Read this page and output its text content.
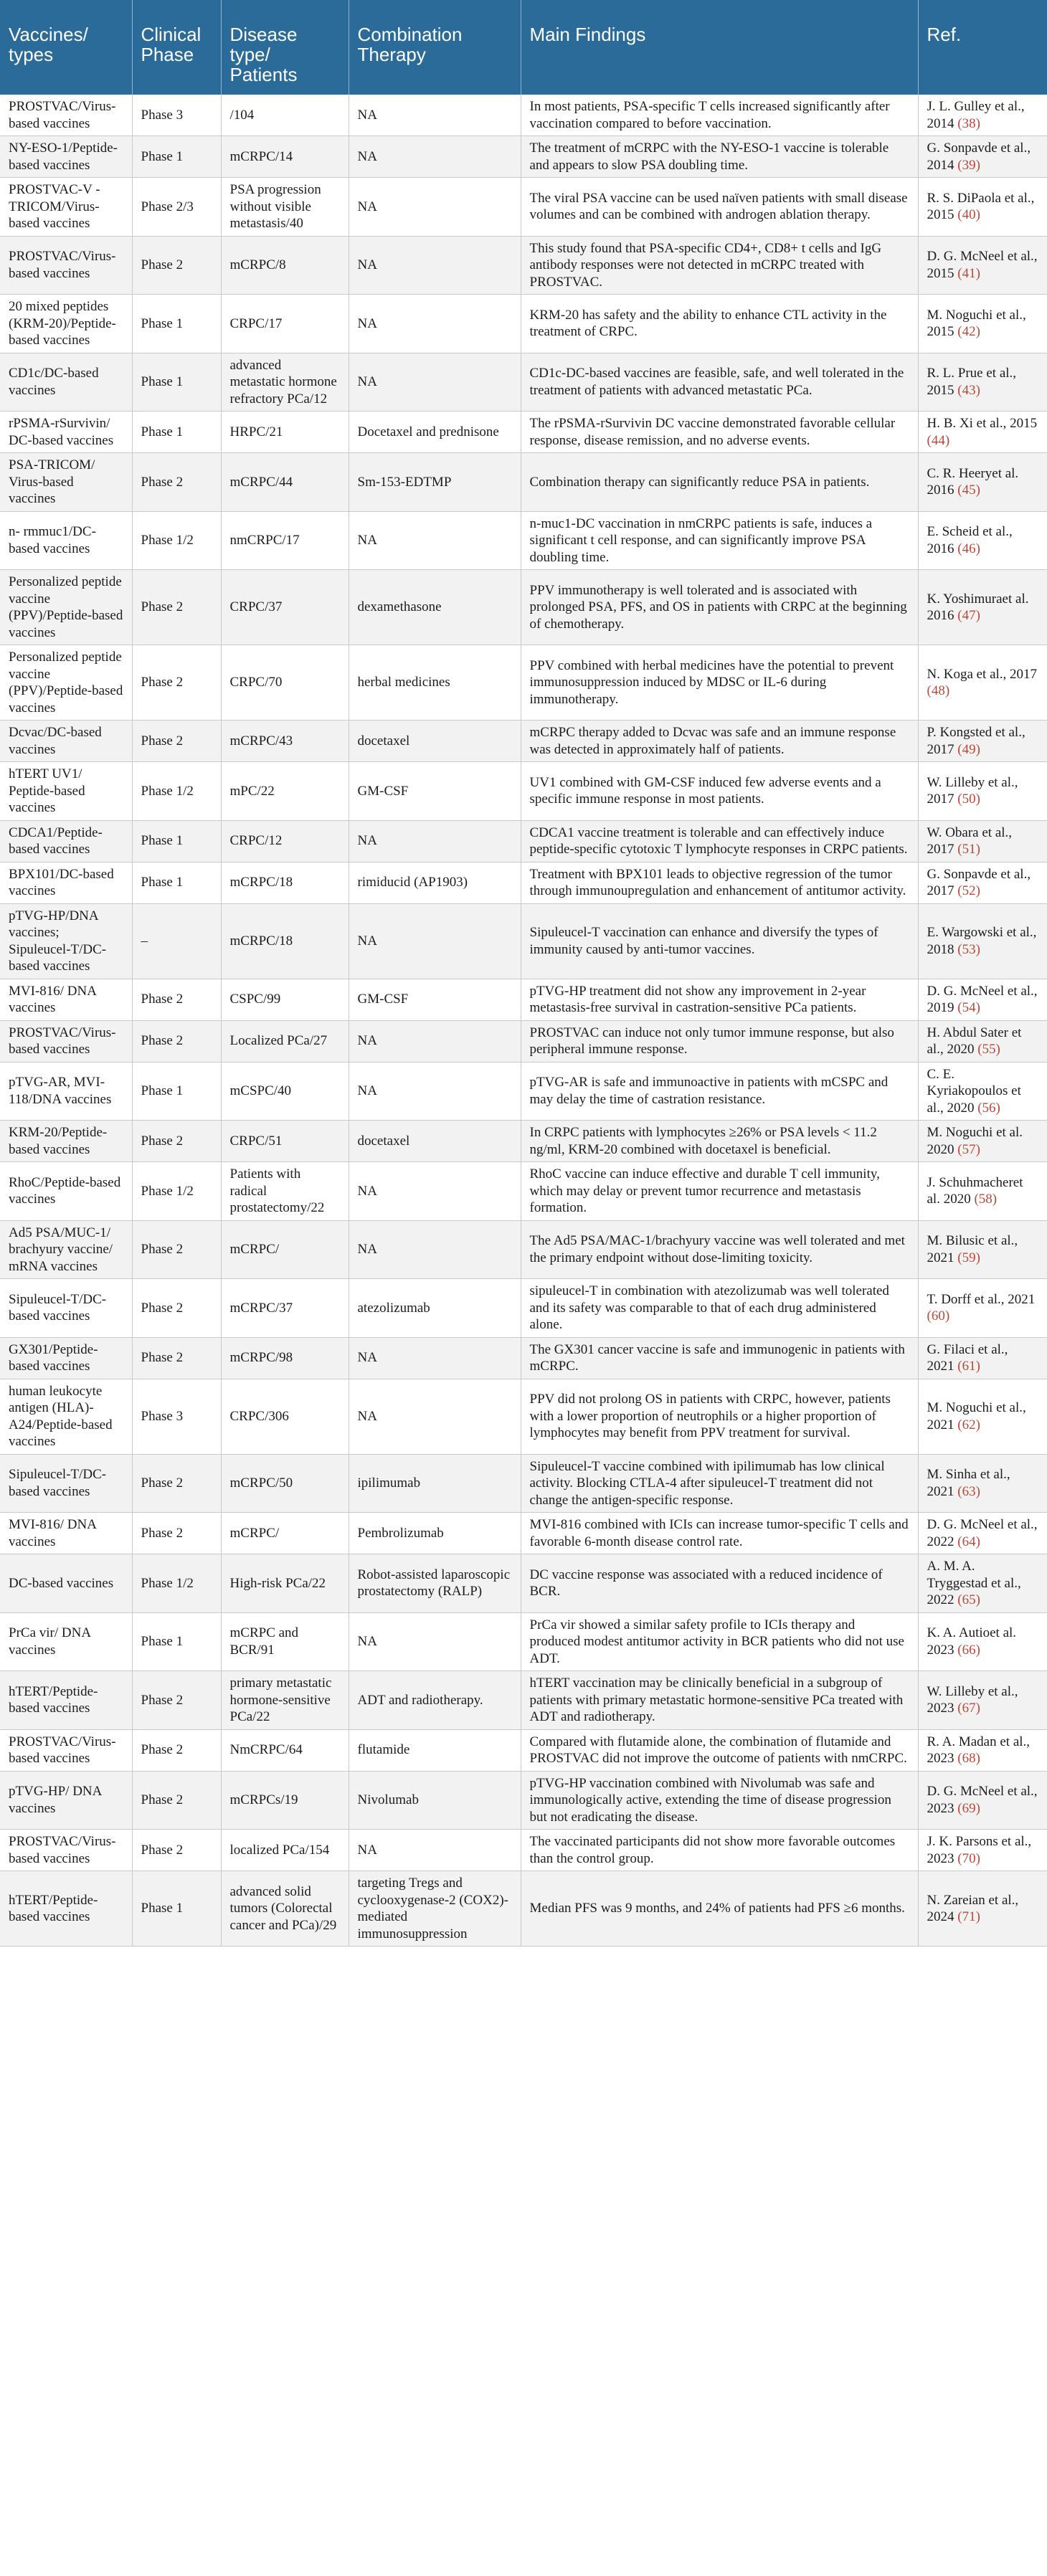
Vaccines/ types	Clinical Phase	Disease type/ Patients	Combination Therapy	Main Findings	Ref.
PROSTVAC/Virus-based vaccines	Phase 3	/104	NA	In most patients, PSA-specific T cells increased significantly after vaccination compared to before vaccination.	J. L. Gulley et al., 2014 (38)
NY-ESO-1/Peptide-based vaccines	Phase 1	mCRPC/14	NA	The treatment of mCRPC with the NY-ESO-1 vaccine is tolerable and appears to slow PSA doubling time.	G. Sonpavde et al., 2014 (39)
PROSTVAC-V -TRICOM/Virus-based vaccines	Phase 2/3	PSA progression without visible metastasis/40	NA	The viral PSA vaccine can be used naïven patients with small disease volumes and can be combined with androgen ablation therapy.	R. S. DiPaola et al., 2015 (40)
PROSTVAC/Virus-based vaccines	Phase 2	mCRPC/8	NA	This study found that PSA-specific CD4+, CD8+ t cells and IgG antibody responses were not detected in mCRPC treated with PROSTVAC.	D. G. McNeel et al., 2015 (41)
20 mixed peptides (KRM-20)/Peptide-based vaccines	Phase 1	CRPC/17	NA	KRM-20 has safety and the ability to enhance CTL activity in the treatment of CRPC.	M. Noguchi et al., 2015 (42)
CD1c/DC-based vaccines	Phase 1	advanced metastatic hormone refractory PCa/12	NA	CD1c-DC-based vaccines are feasible, safe, and well tolerated in the treatment of patients with advanced metastatic PCa.	R. L. Prue et al., 2015 (43)
rPSMA-rSurvivin/ DC-based vaccines	Phase 1	HRPC/21	Docetaxel and prednisone	The rPSMA-rSurvivin DC vaccine demonstrated favorable cellular response, disease remission, and no adverse events.	H. B. Xi et al., 2015 (44)
PSA-TRICOM/ Virus-based vaccines	Phase 2	mCRPC/44	Sm-153-EDTMP	Combination therapy can significantly reduce PSA in patients.	C. R. Heeryet al. 2016 (45)
n- rmmuc1/DC-based vaccines	Phase 1/2	nmCRPC/17	NA	n-muc1-DC vaccination in nmCRPC patients is safe, induces a significant t cell response, and can significantly improve PSA doubling time.	E. Scheid et al., 2016 (46)
Personalized peptide vaccine (PPV)/Peptide-based vaccines	Phase 2	CRPC/37	dexamethasone	PPV immunotherapy is well tolerated and is associated with prolonged PSA, PFS, and OS in patients with CRPC at the beginning of chemotherapy.	K. Yoshimuraet al. 2016 (47)
Personalized peptide vaccine (PPV)/Peptide-based vaccines	Phase 2	CRPC/70	herbal medicines	PPV combined with herbal medicines have the potential to prevent immunosuppression induced by MDSC or IL-6 during immunotherapy.	N. Koga et al., 2017 (48)
Dcvac/DC-based vaccines	Phase 2	mCRPC/43	docetaxel	mCRPC therapy added to Dcvac was safe and an immune response was detected in approximately half of patients.	P. Kongsted et al., 2017 (49)
hTERT UV1/ Peptide-based vaccines	Phase 1/2	mPC/22	GM-CSF	UV1 combined with GM-CSF induced few adverse events and a specific immune response in most patients.	W. Lilleby et al., 2017 (50)
CDCA1/Peptide-based vaccines	Phase 1	CRPC/12	NA	CDCA1 vaccine treatment is tolerable and can effectively induce peptide-specific cytotoxic T lymphocyte responses in CRPC patients.	W. Obara et al., 2017 (51)
BPX101/DC-based vaccines	Phase 1	mCRPC/18	rimiducid (AP1903)	Treatment with BPX101 leads to objective regression of the tumor through immunoupregulation and enhancement of antitumor activity.	G. Sonpavde et al., 2017 (52)
pTVG-HP/DNA vaccines; Sipuleucel-T/DC-based vaccines	–	mCRPC/18	NA	Sipuleucel-T vaccination can enhance and diversify the types of immunity caused by anti-tumor vaccines.	E. Wargowski et al., 2018 (53)
MVI-816/ DNA vaccines	Phase 2	CSPC/99	GM-CSF	pTVG-HP treatment did not show any improvement in 2-year metastasis-free survival in castration-sensitive PCa patients.	D. G. McNeel et al., 2019 (54)
PROSTVAC/Virus-based vaccines	Phase 2	Localized PCa/27	NA	PROSTVAC can induce not only tumor immune response, but also peripheral immune response.	H. Abdul Sater et al., 2020 (55)
pTVG-AR, MVI-118/DNA vaccines	Phase 1	mCSPC/40	NA	pTVG-AR is safe and immunoactive in patients with mCSPC and may delay the time of castration resistance.	C. E. Kyriakopoulos et al., 2020 (56)
KRM-20/Peptide-based vaccines	Phase 2	CRPC/51	docetaxel	In CRPC patients with lymphocytes ≥26% or PSA levels < 11.2 ng/ml, KRM-20 combined with docetaxel is beneficial.	M. Noguchi et al. 2020 (57)
RhoC/Peptide-based vaccines	Phase 1/2	Patients with radical prostatectomy/22	NA	RhoC vaccine can induce effective and durable T cell immunity, which may delay or prevent tumor recurrence and metastasis formation.	J. Schuhmacheret al. 2020 (58)
Ad5 PSA/MUC-1/ brachyury vaccine/ mRNA vaccines	Phase 2	mCRPC/	NA	The Ad5 PSA/MAC-1/brachyury vaccine was well tolerated and met the primary endpoint without dose-limiting toxicity.	M. Bilusic et al., 2021 (59)
Sipuleucel-T/DC-based vaccines	Phase 2	mCRPC/37	atezolizumab	sipuleucel-T in combination with atezolizumab was well tolerated and its safety was comparable to that of each drug administered alone.	T. Dorff et al., 2021 (60)
GX301/Peptide-based vaccines	Phase 2	mCRPC/98	NA	The GX301 cancer vaccine is safe and immunogenic in patients with mCRPC.	G. Filaci et al., 2021 (61)
human leukocyte antigen (HLA)-A24/Peptide-based vaccines	Phase 3	CRPC/306	NA	PPV did not prolong OS in patients with CRPC, however, patients with a lower proportion of neutrophils or a higher proportion of lymphocytes may benefit from PPV treatment for survival.	M. Noguchi et al., 2021 (62)
Sipuleucel-T/DC-based vaccines	Phase 2	mCRPC/50	ipilimumab	Sipuleucel-T vaccine combined with ipilimumab has low clinical activity. Blocking CTLA-4 after sipuleucel-T treatment did not change the antigen-specific response.	M. Sinha et al., 2021 (63)
MVI-816/ DNA vaccines	Phase 2	mCRPC/	Pembrolizumab	MVI-816 combined with ICIs can increase tumor-specific T cells and favorable 6-month disease control rate.	D. G. McNeel et al., 2022 (64)
DC-based vaccines	Phase 1/2	High-risk PCa/22	Robot-assisted laparoscopic prostatectomy (RALP)	DC vaccine response was associated with a reduced incidence of BCR.	A. M. A. Tryggestad et al., 2022 (65)
PrCa vir/ DNA vaccines	Phase 1	mCRPC and BCR/91	NA	PrCa vir showed a similar safety profile to ICIs therapy and produced modest antitumor activity in BCR patients who did not use ADT.	K. A. Autioet al. 2023 (66)
hTERT/Peptide-based vaccines	Phase 2	primary metastatic hormone-sensitive PCa/22	ADT and radiotherapy.	hTERT vaccination may be clinically beneficial in a subgroup of patients with primary metastatic hormone-sensitive PCa treated with ADT and radiotherapy.	W. Lilleby et al., 2023 (67)
PROSTVAC/Virus-based vaccines	Phase 2	NmCRPC/64	flutamide	Compared with flutamide alone, the combination of flutamide and PROSTVAC did not improve the outcome of patients with nmCRPC.	R. A. Madan et al., 2023 (68)
pTVG-HP/ DNA vaccines	Phase 2	mCRPCs/19	Nivolumab	pTVG-HP vaccination combined with Nivolumab was safe and immunologically active, extending the time of disease progression but not eradicating the disease.	D. G. McNeel et al., 2023 (69)
PROSTVAC/Virus-based vaccines	Phase 2	localized PCa/154	NA	The vaccinated participants did not show more favorable outcomes than the control group.	J. K. Parsons et al., 2023 (70)
hTERT/Peptide-based vaccines	Phase 1	advanced solid tumors (Colorectal cancer and PCa)/29	targeting Tregs and cyclooxygenase-2 (COX2)-mediated immunosuppression	Median PFS was 9 months, and 24% of patients had PFS ≥6 months.	N. Zareian et al., 2024 (71)
